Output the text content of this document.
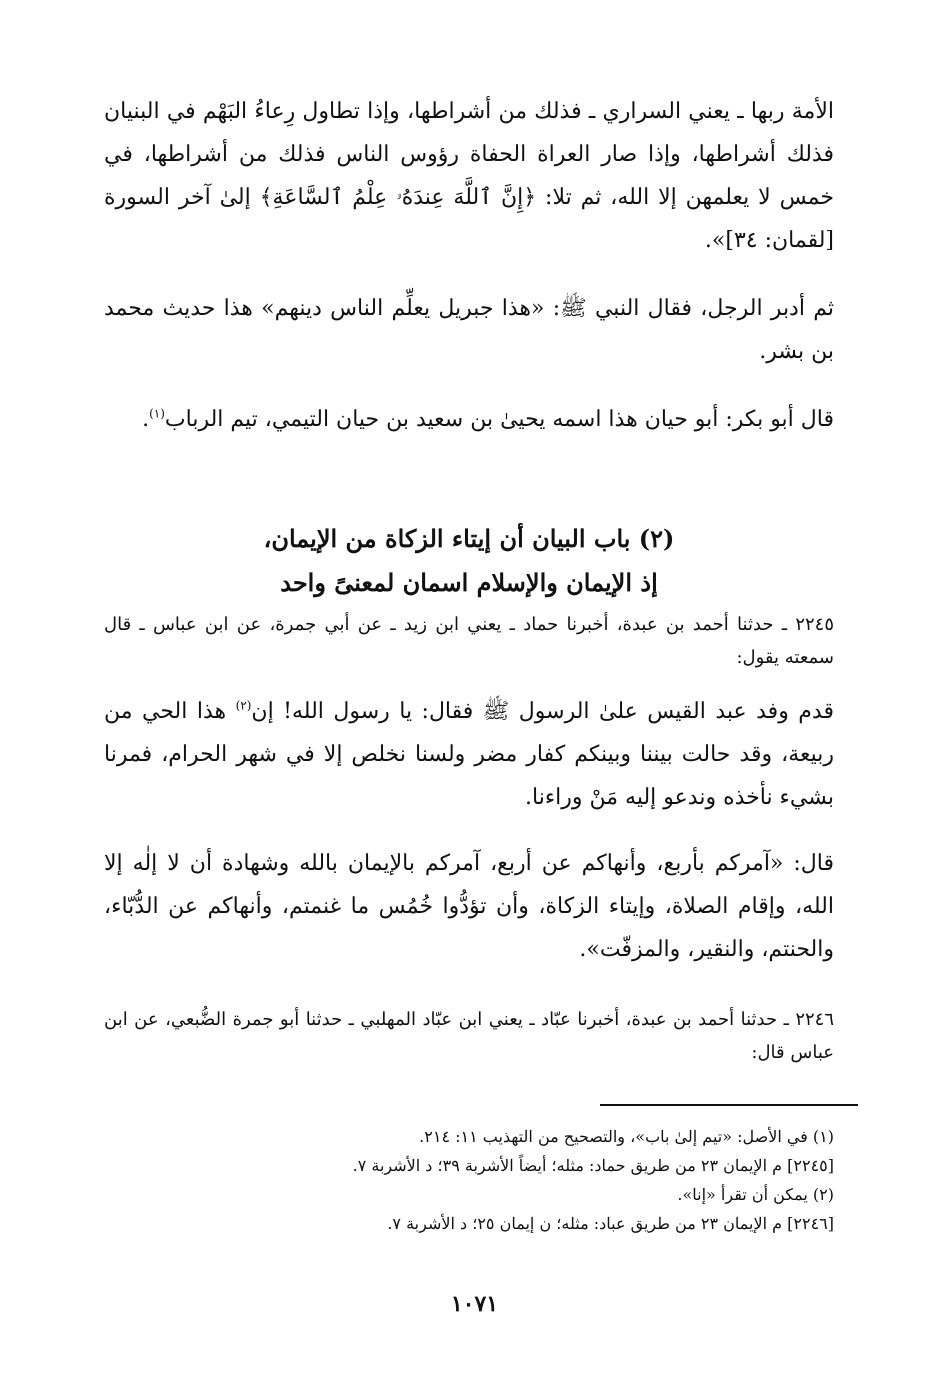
الأمة ربها ـ يعني السراري ـ فذلك من أشراطها، وإذا تطاول رِعاءُ البَهْم في البنيان فذلك أشراطها، وإذا صار العراة الحفاة رؤوس الناس فذلك من أشراطها، في خمس لا يعلمهن إلا الله، ثم تلا: ﴿إِنَّ ٱللَّهَ عِندَهُۥ عِلْمُ ٱلسَّاعَةِ﴾ إلىٰ آخر السورة [لقمان: ٣٤]».

ثم أدبر الرجل، فقال النبي ﷺ: «هذا جبريل يعلِّم الناس دينهم» هذا حديث محمد بن بشر.

قال أبو بكر: أبو حيان هذا اسمه يحيىٰ بن سعيد بن حيان التيمي، تيم الرباب$^{(١)}$.

(٢) باب البيان أن إيتاء الزكاة من الإيمان،
إذ الإيمان والإسلام اسمان لمعنىً واحد

٢٢٤٥ ـ حدثنا أحمد بن عبدة، أخبرنا حماد ـ يعني ابن زيد ـ عن أبي جمرة، عن ابن عباس ـ قال سمعته يقول:

قدم وفد عبد القيس علىٰ الرسول ﷺ فقال: يا رسول الله! إن$^{(٢)}$ هذا الحي من ربيعة، وقد حالت بيننا وبينكم كفار مضر ولسنا نخلص إلا في شهر الحرام، فمرنا بشيء نأخذه وندعو إليه مَنْ وراءنا.

قال: «آمركم بأربع، وأنهاكم عن أربع، آمركم بالإيمان بالله وشهادة أن لا إلٰه إلا الله، وإقام الصلاة، وإيتاء الزكاة، وأن تؤدُّوا خُمُس ما غنمتم، وأنهاكم عن الدُّبّاء، والحنتم، والنقير، والمزفّت».

٢٢٤٦ ـ حدثنا أحمد بن عبدة، أخبرنا عبّاد ـ يعني ابن عبّاد المهلبي ـ حدثنا أبو جمرة الضُّبعي، عن ابن عباس قال:

(١) في الأصل: «تيم إلىٰ باب»، والتصحيح من التهذيب ١١: ٢١٤.

[٢٢٤٥] م الإيمان ٢٣ من طريق حماد: مثله؛ أيضاً الأشربة ٣٩؛ د الأشربة ٧.

(٢) يمكن أن تقرأ «إنا».

[٢٢٤٦] م الإيمان ٢٣ من طريق عباد: مثله؛ ن إيمان ٢٥؛ د الأشربة ٧.

١٠٧١
